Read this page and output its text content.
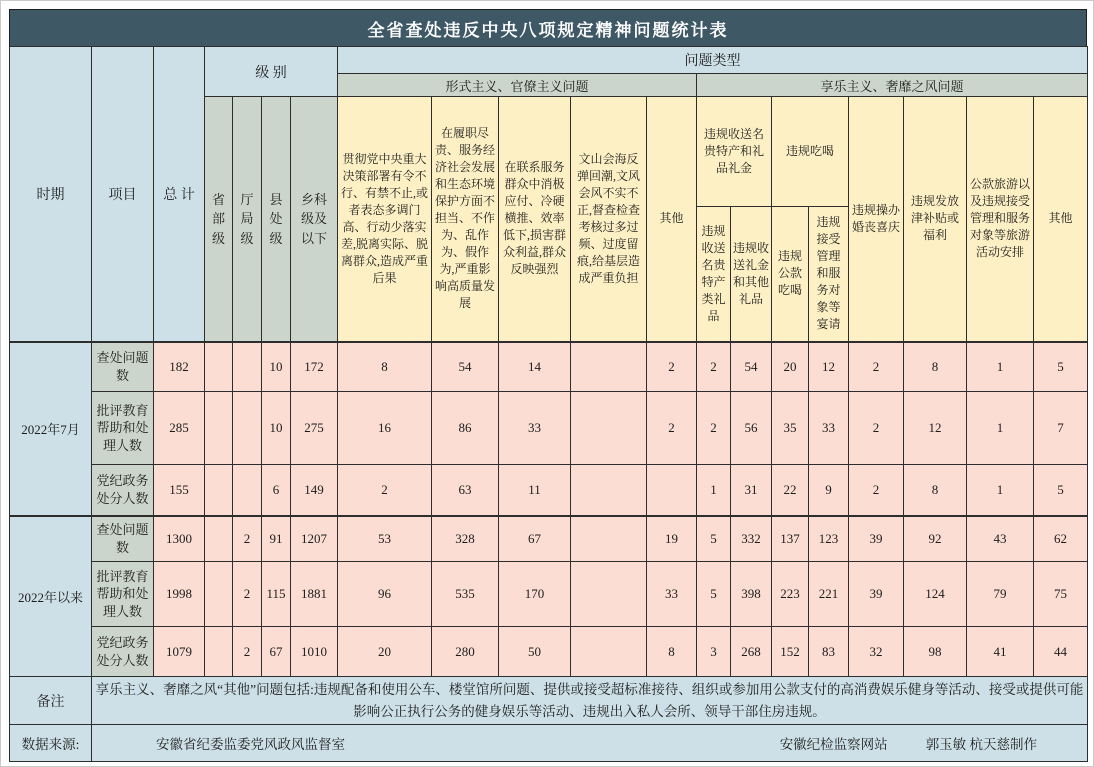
全省查处违反中央八项规定精神问题统计表
时期	项目	总 计	级 别				问题类型												
							形式主义、官僚主义问题					享乐主义、奢靡之风问题							

			省部级	厅局级	县处级	乡科级及以下	贯彻党中央重大决策部署有令不行、有禁不止,或者表态多调门高、行动少落实差,脱离实际、脱离群众,造成严重后果	在履职尽责、服务经济社会发展和生态环境保护方面不担当、不作为、乱作为、假作为,严重影响高质量发展	在联系服务群众中消极应付、冷硬横推、效率低下,损害群众利益,群众反映强烈	文山会海反弹回潮,文风会风不实不正,督查检查考核过多过频、过度留痕,给基层造成严重负担	其他	违规收送名贵特产和礼品礼金		违规吃喝		违规操办婚丧喜庆	违规发放津补贴或福利	公款旅游以及违规接受管理和服务对象等旅游活动安排	其他
												违规收送名贵特产类礼品	违规收送礼金和其他礼品	违规公款吃喝	违规接受管理和服务对象等宴请				
2022年7月	查处问题数	182			10	172	8	54	14		2	2	54	20	12	2	8	1	5
	批评教育帮助和处理人数	285			10	275	16	86	33		2	2	56	35	33	2	12	1	7
	党纪政务处分人数	155			6	149	2	63	11			1	31	22	9	2	8	1	5
2022年以来	查处问题数	1300		2	91	1207	53	328	67		19	5	332	137	123	39	92	43	62
	批评教育帮助和处理人数	1998		2	115	1881	96	535	170		33	5	398	223	221	39	124	79	75
	党纪政务处分人数	1079		2	67	1010	20	280	50		8	3	268	152	83	32	98	41	44
备注	享乐主义、奢靡之风“其他”问题包括:违规配备和使用公车、楼堂馆所问题、提供或接受超标准接待、组织或参加用公款支付的高消费娱乐健身等活动、接受或提供可能影响公正执行公务的健身娱乐等活动、违规出入私人会所、领导干部住房违规。																		
数据来源:	安徽省纪委监委党风政风监督室 安徽纪检监察网站 郭玉敏 杭天慈制作																		
